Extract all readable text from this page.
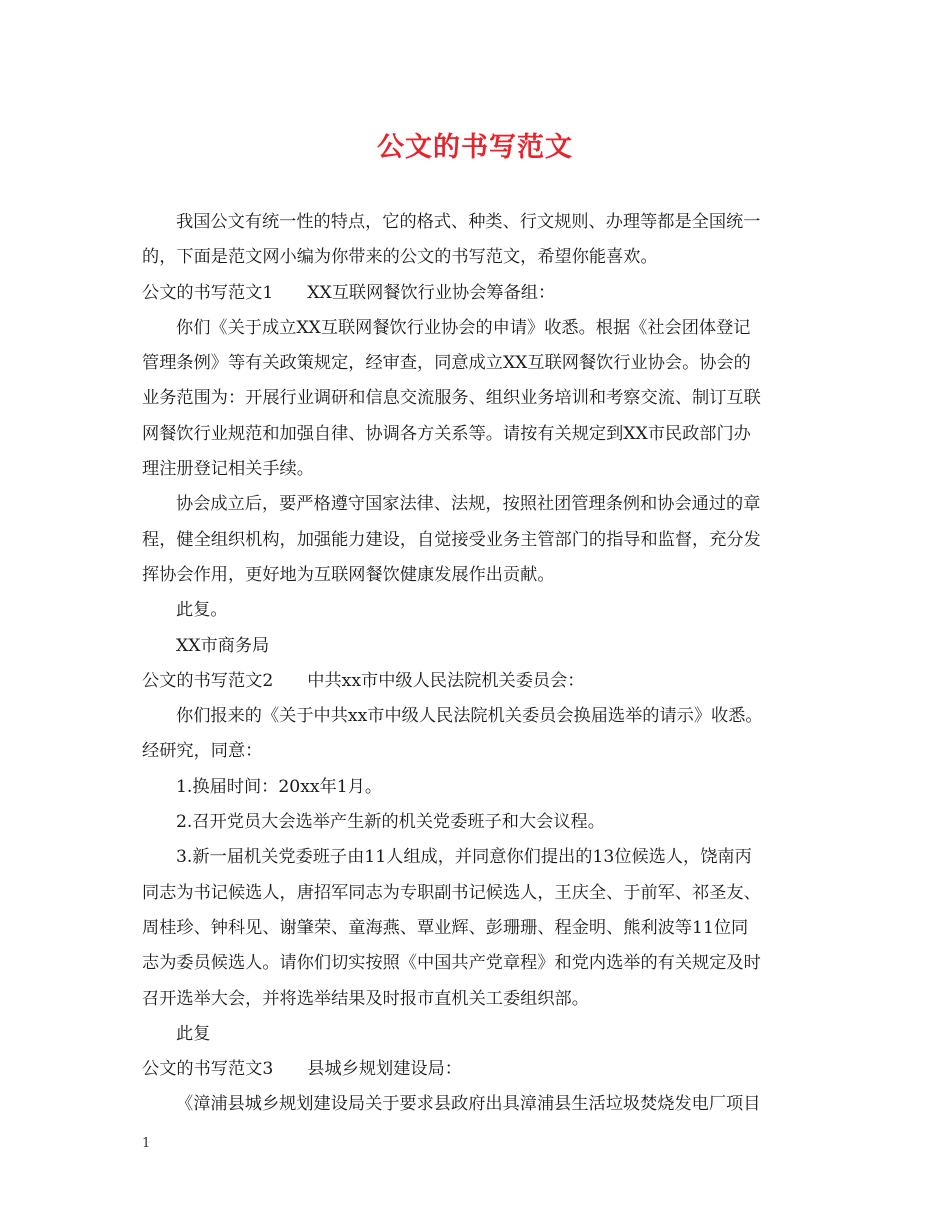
公文的书写范文
我国公文有统一性的特点，它的格式、种类、行文规则、办理等都是全国统一
的，下面是范文网小编为你带来的公文的书写范文，希望你能喜欢。
公文的书写范文1 XX互联网餐饮行业协会筹备组：
你们《关于成立XX互联网餐饮行业协会的申请》收悉。根据《社会团体登记
管理条例》等有关政策规定，经审查，同意成立XX互联网餐饮行业协会。协会的
业务范围为：开展行业调研和信息交流服务、组织业务培训和考察交流、制订互联
网餐饮行业规范和加强自律、协调各方关系等。请按有关规定到XX市民政部门办
理注册登记相关手续。
协会成立后，要严格遵守国家法律、法规，按照社团管理条例和协会通过的章
程，健全组织机构，加强能力建设，自觉接受业务主管部门的指导和监督，充分发
挥协会作用，更好地为互联网餐饮健康发展作出贡献。
此复。
XX市商务局
公文的书写范文2 中共xx市中级人民法院机关委员会：
你们报来的《关于中共xx市中级人民法院机关委员会换届选举的请示》收悉。
经研究，同意：
1.换届时间：20xx年1月。
2.召开党员大会选举产生新的机关党委班子和大会议程。
3.新一届机关党委班子由11人组成，并同意你们提出的13位候选人，饶南丙
同志为书记候选人，唐招军同志为专职副书记候选人，王庆全、于前军、祁圣友、
周桂珍、钟科见、谢肇荣、童海燕、覃业辉、彭珊珊、程金明、熊利波等11位同
志为委员候选人。请你们切实按照《中国共产党章程》和党内选举的有关规定及时
召开选举大会，并将选举结果及时报市直机关工委组织部。
此复
公文的书写范文3 县城乡规划建设局：
《漳浦县城乡规划建设局关于要求县政府出具漳浦县生活垃圾焚烧发电厂项目
1
